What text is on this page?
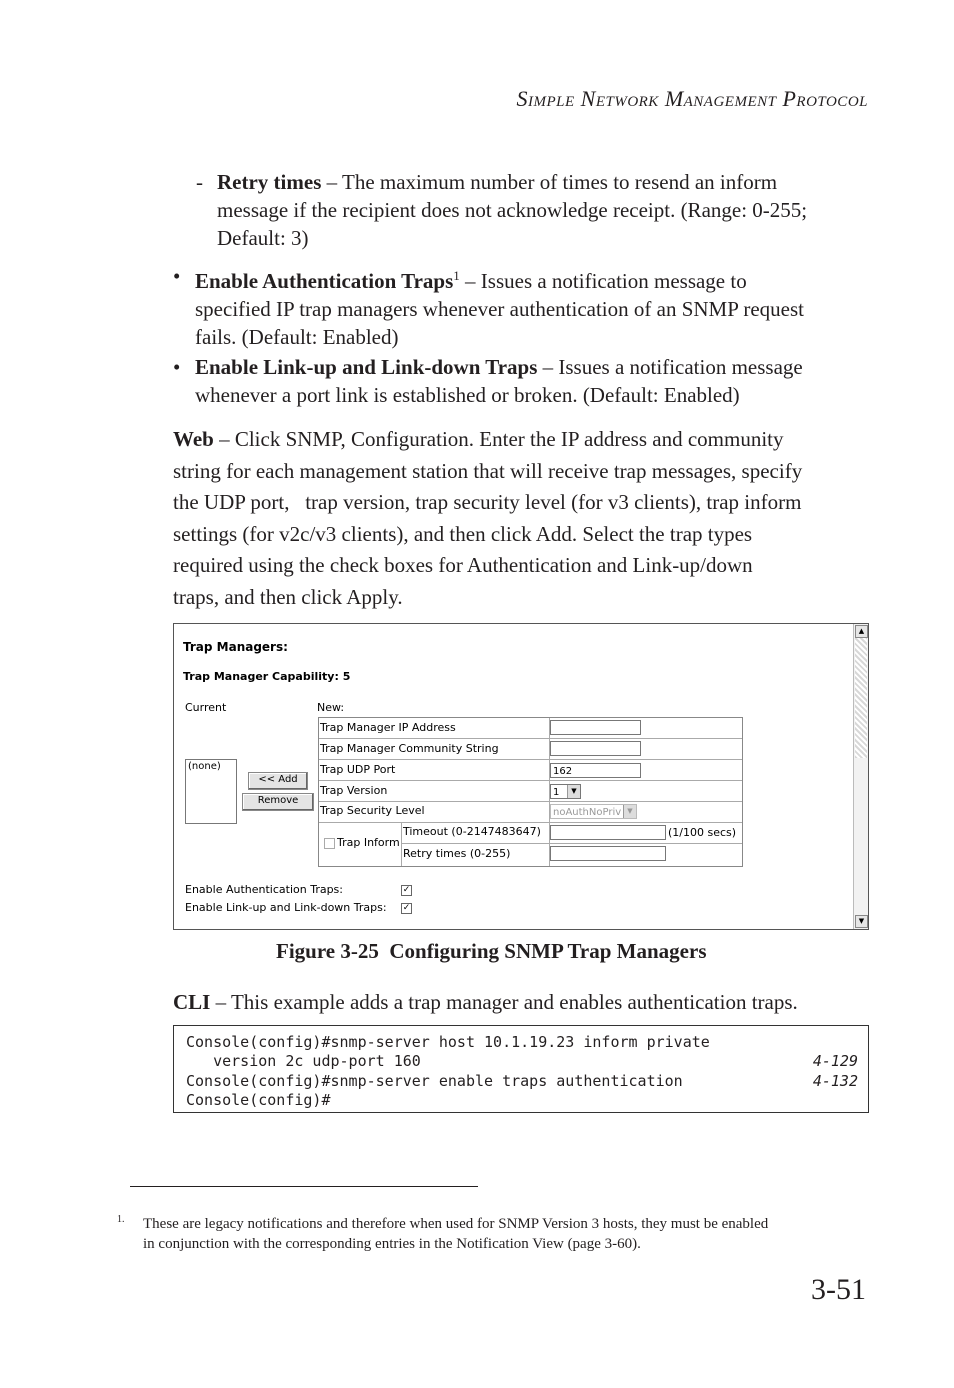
Simple Network Management Protocol
- Retry times – The maximum number of times to resend an inform
message if the recipient does not acknowledge receipt. (Range: 0-255;
Default: 3)
• Enable Authentication Traps$^1$ – Issues a notification message to
specified IP trap managers whenever authentication of an SNMP request
fails. (Default: Enabled)
• Enable Link-up and Link-down Traps – Issues a notification message
whenever a port link is established or broken. (Default: Enabled)
Web – Click SNMP, Configuration. Enter the IP address and community
string for each management station that will receive trap messages, specify
the UDP port,   trap version, trap security level (for v3 clients), trap inform
settings (for v2c/v3 clients), and then click Add. Select the trap types
required using the check boxes for Authentication and Link-up/down
traps, and then click Apply.
Trap Managers:
Trap Manager Capability: 5
Current	New:
(none)
<< Add
Remove
Trap Manager IP Address
Trap Manager Community String
Trap UDP Port	162
Trap Version	1	▼
Trap Security Level	noAuthNoPriv ▼
Trap Inform
Timeout (0-2147483647)	(1/100 secs)
Retry times (0-255)
Enable Authentication Traps:	✓
Enable Link-up and Link-down Traps: ✓
▲
▼
Figure 3-25  Configuring SNMP Trap Managers
CLI – This example adds a trap manager and enables authentication traps.
Console(config)#snmp-server host 10.1.19.23 inform private
version 2c udp-port 160	4-129
Console(config)#snmp-server enable traps authentication	4-132
Console(config)#
1. These are legacy notifications and therefore when used for SNMP Version 3 hosts, they must be enabled
in conjunction with the corresponding entries in the Notification View (page 3-60).
3-51
